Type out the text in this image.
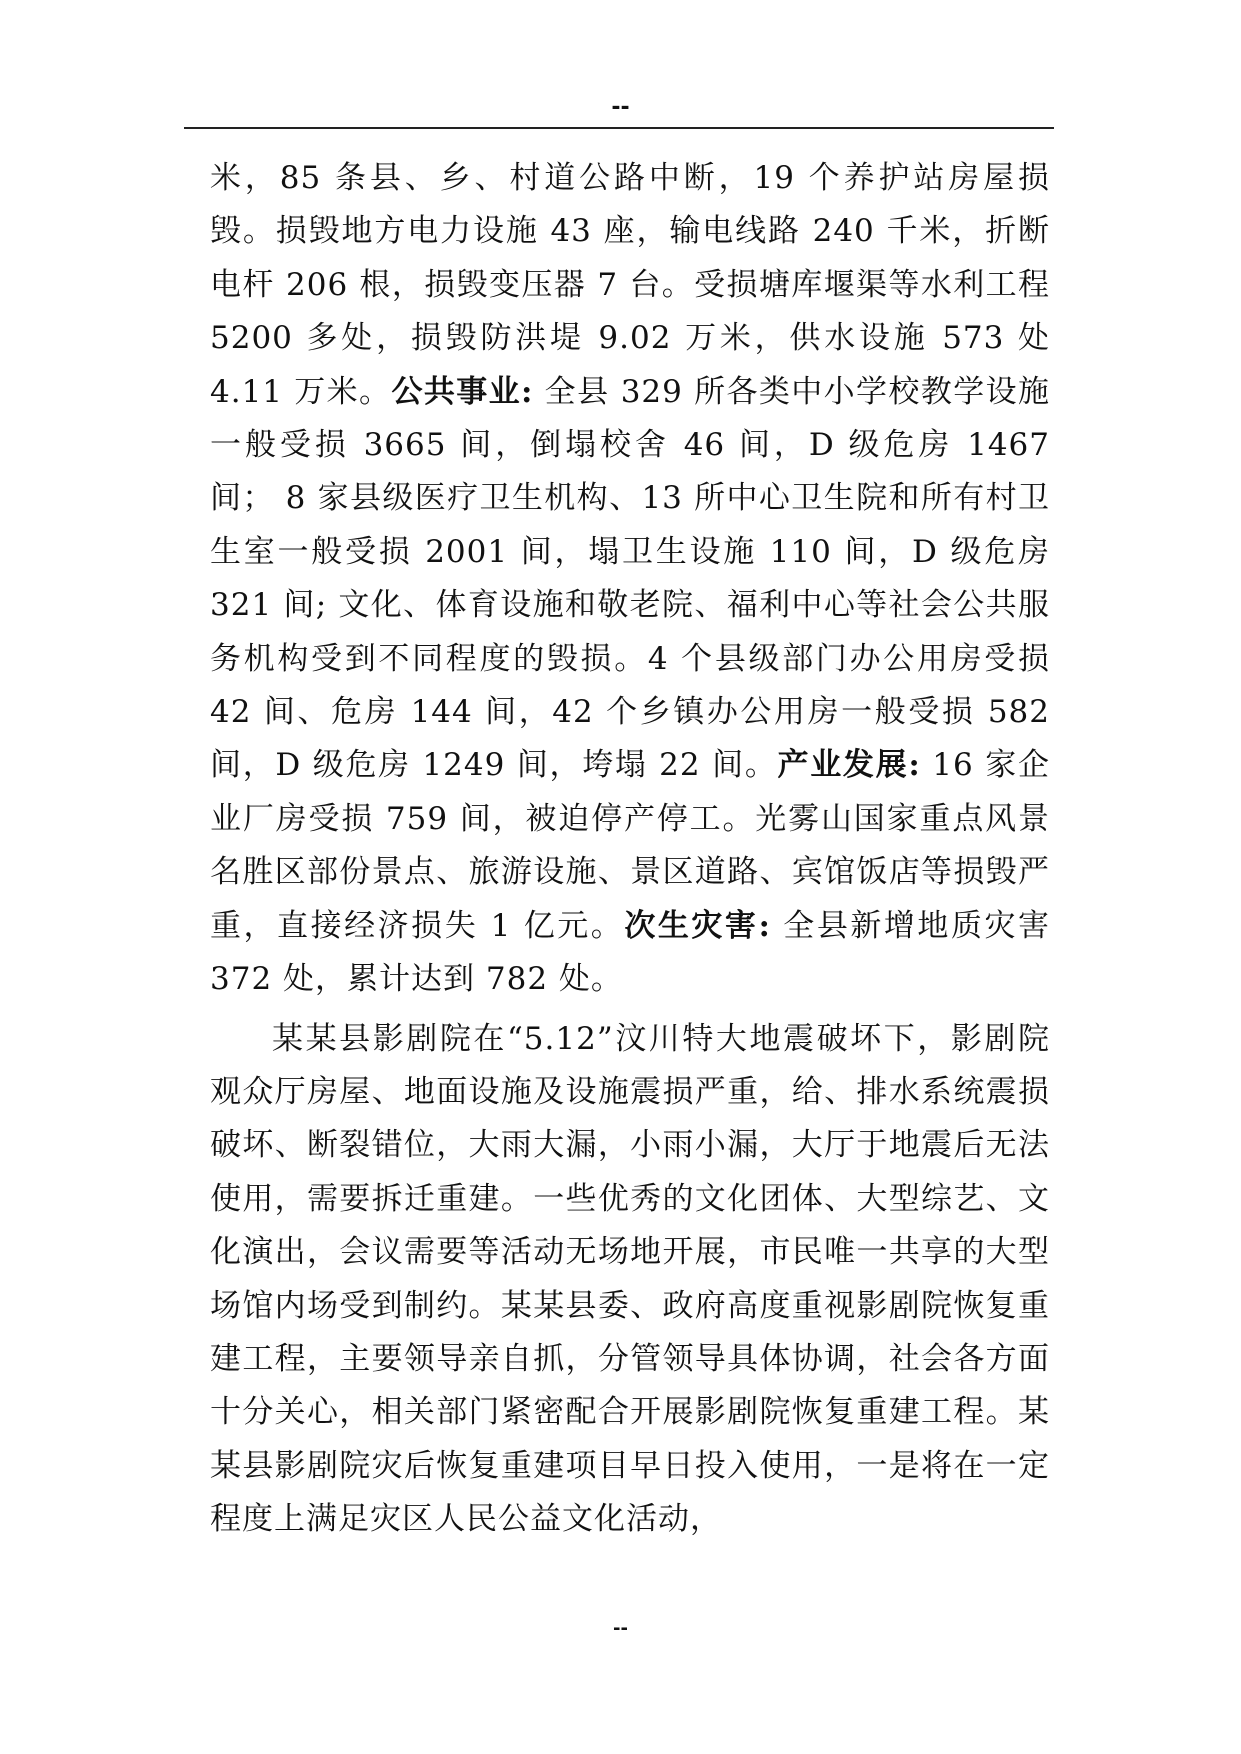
--

米，85 条县、乡、村道公路中断，19 个养护站房屋损毁。损毁地方电力设施 43 座，输电线路 240 千米，折断电杆 206 根，损毁变压器 7 台。受损塘库堰渠等水利工程 5200 多处，损毁防洪堤 9.02 万米，供水设施 573 处 4.11 万米。公共事业: 全县 329 所各类中小学校教学设施一般受损 3665 间，倒塌校舍 46 间，D 级危房 1467 间； 8 家县级医疗卫生机构、13 所中心卫生院和所有村卫生室一般受损 2001 间，塌卫生设施 110 间，D 级危房 321 间; 文化、体育设施和敬老院、福利中心等社会公共服务机构受到不同程度的毁损。4 个县级部门办公用房受损 42 间、危房 144 间，42 个乡镇办公用房一般受损 582 间，D 级危房 1249 间，垮塌 22 间。产业发展: 16 家企业厂房受损 759 间，被迫停产停工。光雾山国家重点风景名胜区部份景点、旅游设施、景区道路、宾馆饭店等损毁严重，直接经济损失 1 亿元。次生灾害: 全县新增地质灾害 372 处，累计达到 782 处。

某某县影剧院在“5.12”汶川特大地震破坏下，影剧院观众厅房屋、地面设施及设施震损严重，给、排水系统震损破坏、断裂错位，大雨大漏，小雨小漏，大厅于地震后无法使用，需要拆迁重建。一些优秀的文化团体、大型综艺、文化演出，会议需要等活动无场地开展，市民唯一共享的大型场馆内场受到制约。某某县委、政府高度重视影剧院恢复重建工程，主要领导亲自抓，分管领导具体协调，社会各方面十分关心，相关部门紧密配合开展影剧院恢复重建工程。某某县影剧院灾后恢复重建项目早日投入使用，一是将在一定程度上满足灾区人民公益文化活动，

--
